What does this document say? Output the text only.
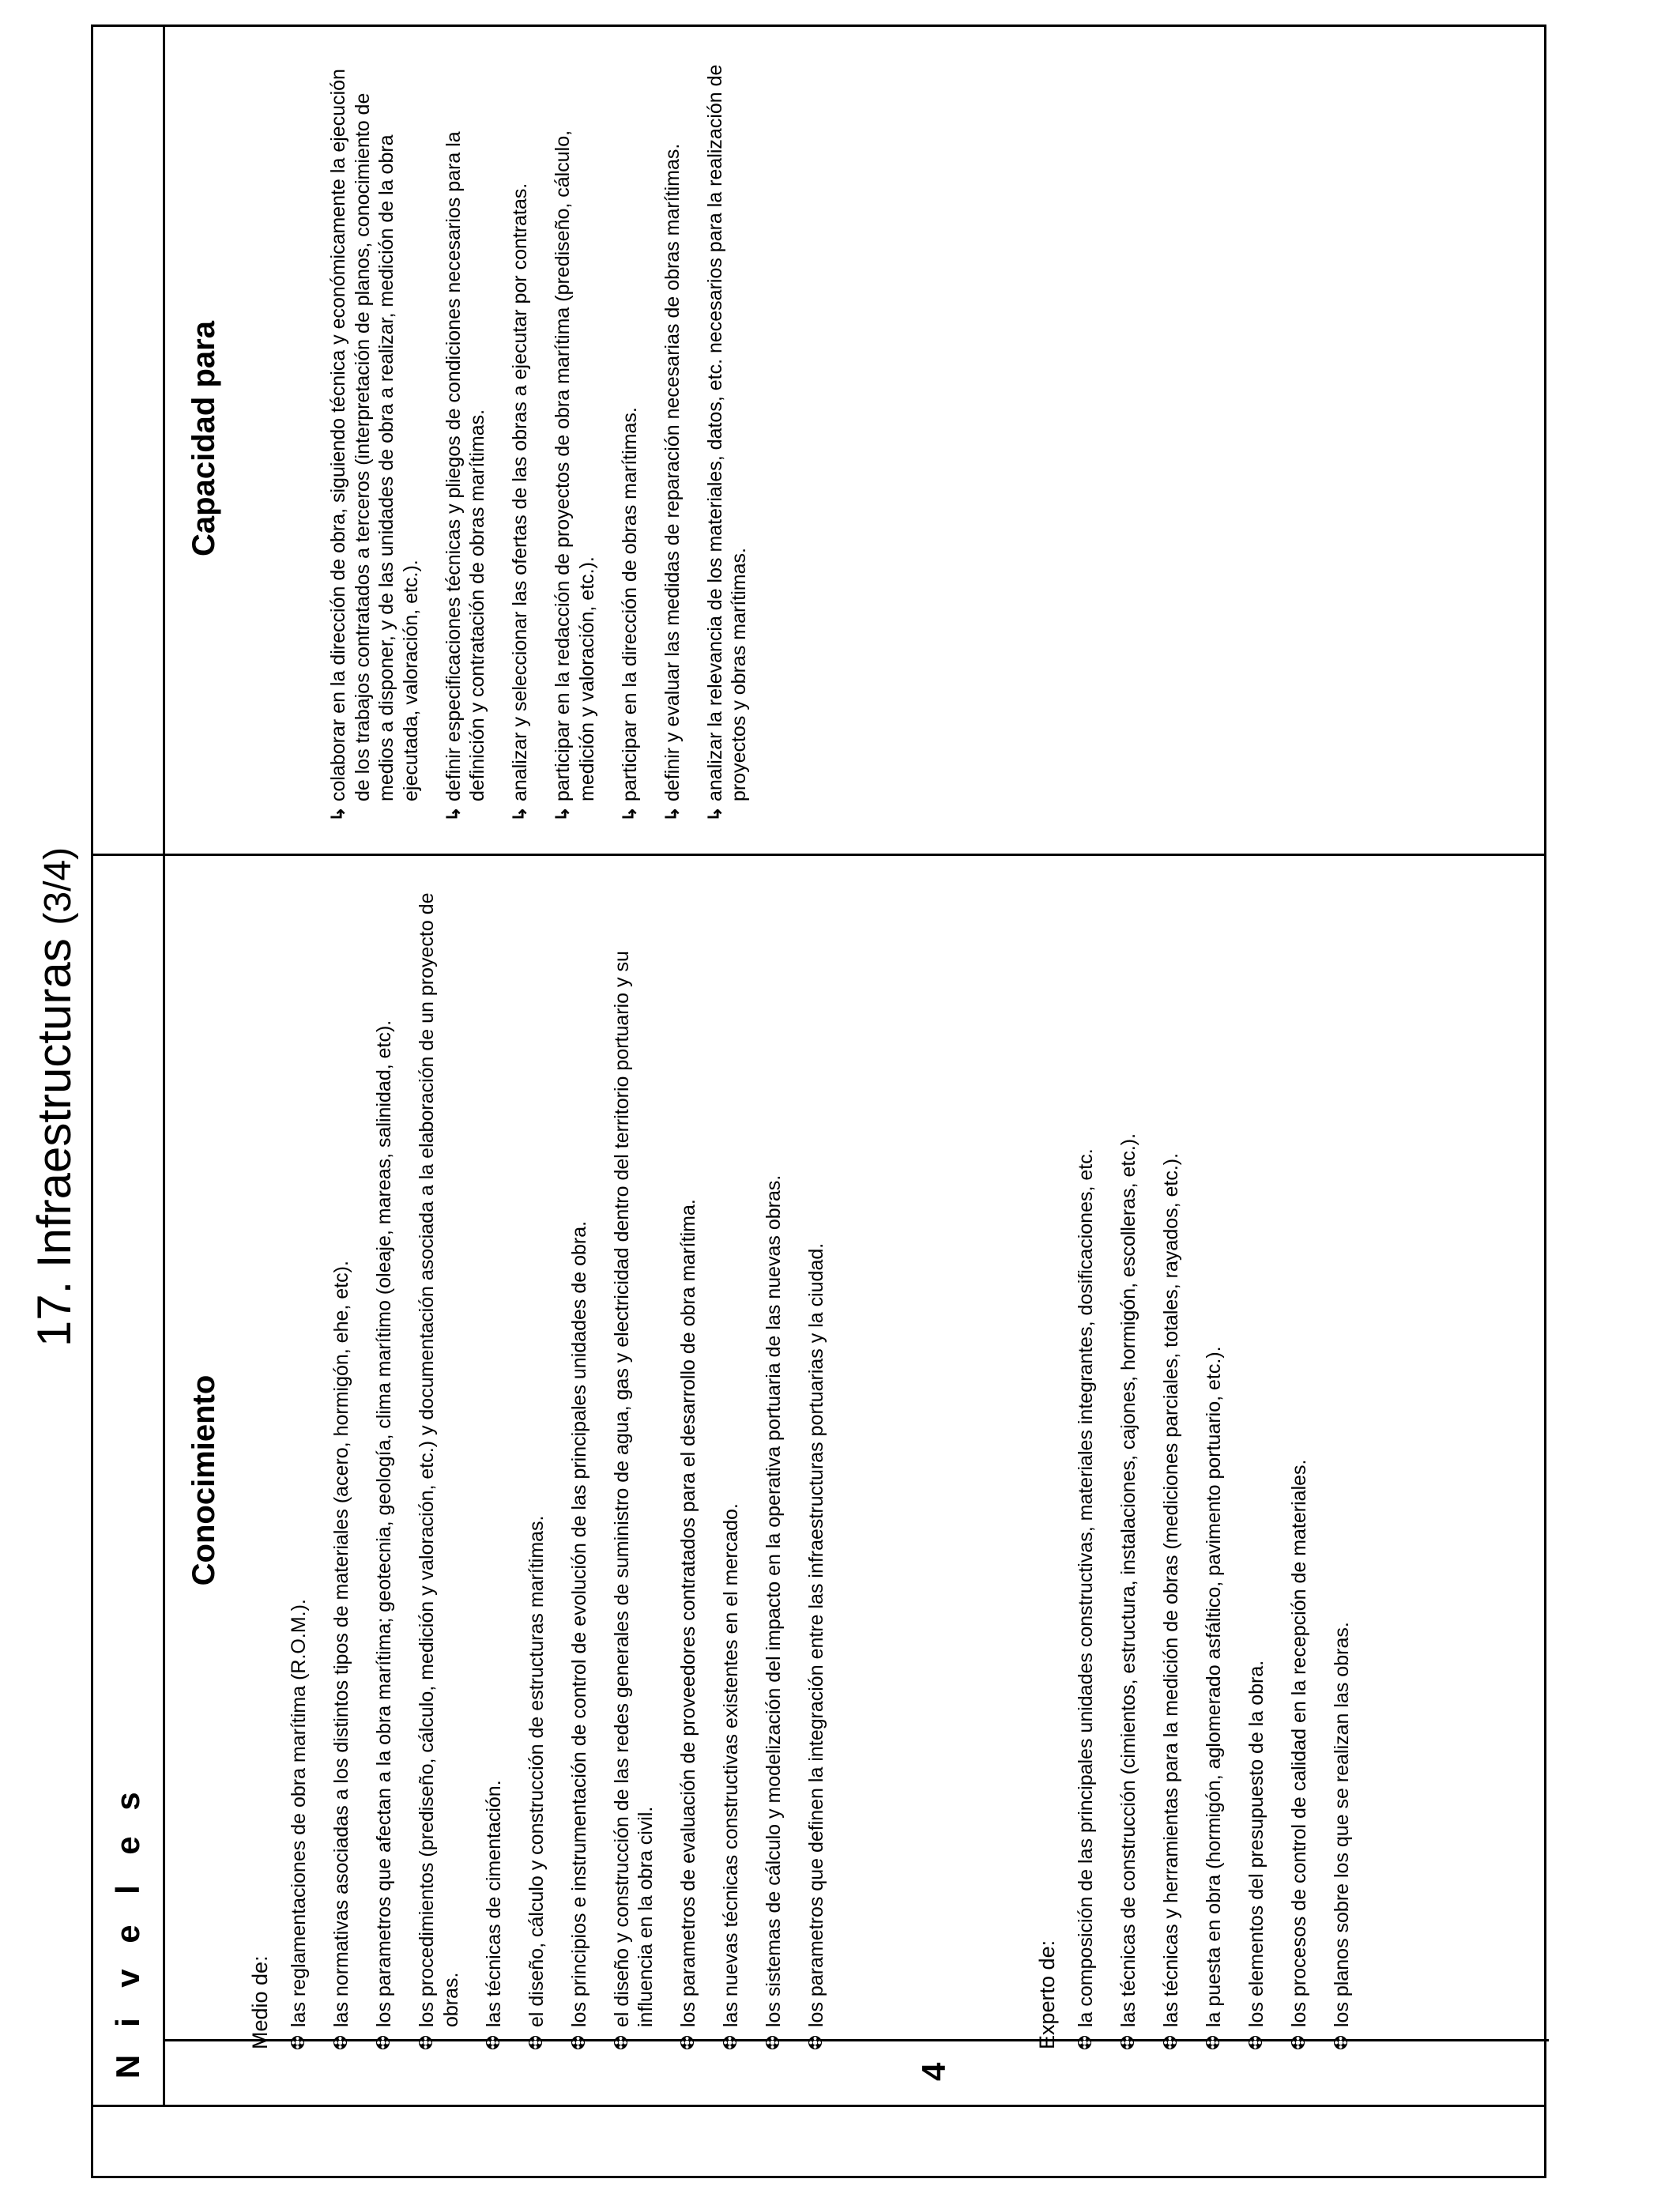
17. Infraestructuras (3/4)
Niveles
4
Conocimiento
Capacidad para
Medio de: las reglamentaciones de obra marítima (R.O.M.). las normativas asociadas a los distintos tipos de materiales (acero, hormigón, ehe, etc). los parametros que afectan a la obra marítima; geotecnia, geología, clima marítimo (oleaje, mareas, salinidad, etc). los procedimientos (prediseño, cálculo, medición y valoración, etc.) y documentación asociada a la elaboración de un proyecto de obras. las técnicas de cimentación. el diseño, cálculo y construcción de estructuras marítimas. los principios e instrumentación de control de evolución de las principales unidades de obra. el diseño y construcción de las redes generales de suministro de agua, gas y electricidad dentro del territorio portuario y su influencia en la obra civil. los parametros de evaluación de proveedores contratados para el desarrollo de obra marítima. las nuevas técnicas constructivas existentes en el mercado. los sistemas de cálculo y modelización del impacto en la operativa portuaria de las nuevas obras. los parametros que definen la integración entre las infraestructuras portuarias y la ciudad.	Experto de: la composición de las principales unidades constructivas, materiales integrantes, dosificaciones, etc. las técnicas de construcción (cimientos, estructura, instalaciones, cajones, hormigón, escolleras, etc.). las técnicas y herramientas para la medición de obras (mediciones parciales, totales, rayados, etc.). la puesta en obra (hormigón, aglomerado asfáltico, pavimento portuario, etc.). los elementos del presupuesto de la obra. los procesos de control de calidad en la recepción de materiales. los planos sobre los que se realizan las obras.
↳
colaborar en la dirección de obra, siguiendo técnica y económicamente la ejecución de los trabajos contratados a terceros (interpretación de planos, conocimiento de medios a disponer, y de las unidades de obra a realizar, medición de la obra ejecutada, valoración, etc.).
↳
definir especificaciones técnicas y pliegos de condiciones necesarios para la definición y contratación de obras marítimas.
↳
analizar y seleccionar las ofertas de las obras a ejecutar por contratas.
↳
participar en la redacción de proyectos de obra marítima (prediseño, cálculo, medición y valoración, etc.).
↳
participar en la dirección de obras marítimas.
↳
definir y evaluar las medidas de reparación necesarias de obras marítimas.
↳
analizar la relevancia de los materiales, datos, etc. necesarios para la realización de proyectos y obras marítimas.
